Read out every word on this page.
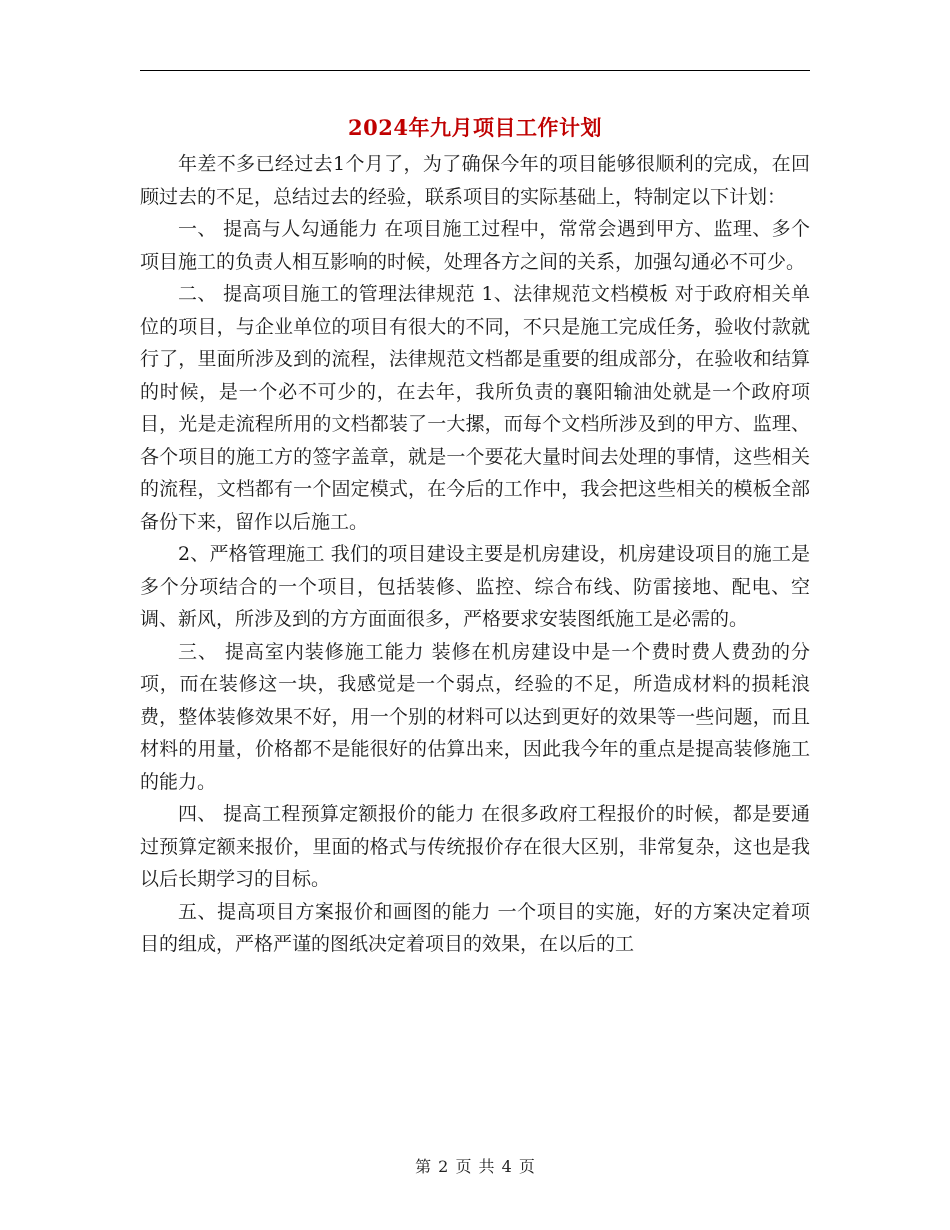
2024年九月项目工作计划

年差不多已经过去1个月了，为了确保今年的项目能够很顺利的完成，在回顾过去的不足，总结过去的经验，联系项目的实际基础上，特制定以下计划：

一、 提高与人勾通能力 在项目施工过程中，常常会遇到甲方、监理、多个项目施工的负责人相互影响的时候，处理各方之间的关系，加强勾通必不可少。

二、 提高项目施工的管理法律规范 1、法律规范文档模板 对于政府相关单位的项目，与企业单位的项目有很大的不同，不只是施工完成任务，验收付款就行了，里面所涉及到的流程，法律规范文档都是重要的组成部分，在验收和结算的时候，是一个必不可少的，在去年，我所负责的襄阳输油处就是一个政府项目，光是走流程所用的文档都装了一大摞，而每个文档所涉及到的甲方、监理、各个项目的施工方的签字盖章，就是一个要花大量时间去处理的事情，这些相关的流程，文档都有一个固定模式，在今后的工作中，我会把这些相关的模板全部备份下来，留作以后施工。

2、严格管理施工 我们的项目建设主要是机房建设，机房建设项目的施工是多个分项结合的一个项目，包括装修、监控、综合布线、防雷接地、配电、空调、新风，所涉及到的方方面面很多，严格要求安装图纸施工是必需的。

三、 提高室内装修施工能力 装修在机房建设中是一个费时费人费劲的分项，而在装修这一块，我感觉是一个弱点，经验的不足，所造成材料的损耗浪费，整体装修效果不好，用一个别的材料可以达到更好的效果等一些问题，而且材料的用量，价格都不是能很好的估算出来，因此我今年的重点是提高装修施工的能力。

四、 提高工程预算定额报价的能力 在很多政府工程报价的时候，都是要通过预算定额来报价，里面的格式与传统报价存在很大区别，非常复杂，这也是我以后长期学习的目标。

五、提高项目方案报价和画图的能力 一个项目的实施，好的方案决定着项目的组成，严格严谨的图纸决定着项目的效果，在以后的工

第 2 页 共 4 页
